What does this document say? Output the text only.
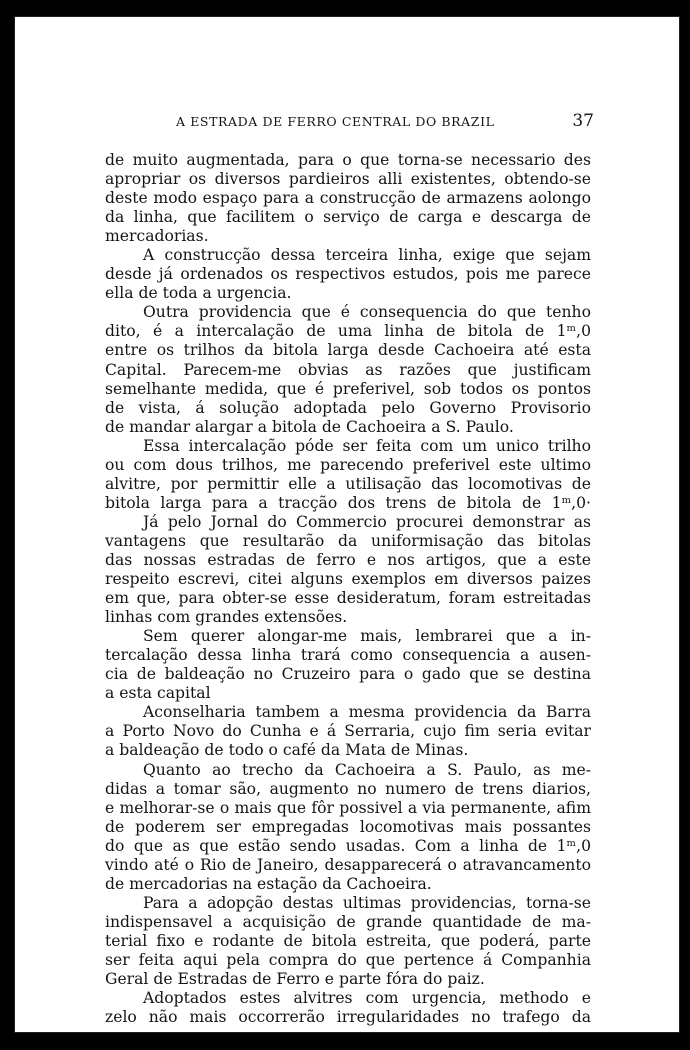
A ESTRADA DE FERRO CENTRAL DO BRAZIL	37
de muito augmentada, para o que torna-se necessario des
apropriar os diversos pardieiros alli existentes, obtendo-se
deste modo espaço para a construcção de armazens aolongo
da linha, que facilitem o serviço de carga e descarga de
mercadorias.
A construcção dessa terceira linha, exige que sejam
desde já ordenados os respectivos estudos, pois me parece
ella de toda a urgencia.
Outra providencia que é consequencia do que tenho
dito, é a intercalação de uma linha de bitola de 1ᵐ,0
entre os trilhos da bitola larga desde Cachoeira até esta
Capital. Parecem-me obvias as razões que justificam
semelhante medida, que é preferivel, sob todos os pontos
de vista, á solução adoptada pelo Governo Provisorio
de mandar alargar a bitola de Cachoeira a S. Paulo.
Essa intercalação póde ser feita com um unico trilho
ou com dous trilhos, me parecendo preferivel este ultimo
alvitre, por permittir elle a utilisação das locomotivas de
bitola larga para a tracção dos trens de bitola de 1ᵐ,0·
Já pelo Jornal do Commercio procurei demonstrar as
vantagens que resultarão da uniformisação das bitolas
das nossas estradas de ferro e nos artigos, que a este
respeito escrevi, citei alguns exemplos em diversos paizes
em que, para obter-se esse desideratum, foram estreitadas
linhas com grandes extensões.
Sem querer alongar-me mais, lembrarei que a in-
tercalação dessa linha trará como consequencia a ausen-
cia de baldeação no Cruzeiro para o gado que se destina
a esta capital
Aconselharia tambem a mesma providencia da Barra
a Porto Novo do Cunha e á Serraria, cujo fim seria evitar
a baldeação de todo o café da Mata de Minas.
Quanto ao trecho da Cachoeira a S. Paulo, as me-
didas a tomar são, augmento no numero de trens diarios,
e melhorar-se o mais que fôr possivel a via permanente, afim
de poderem ser empregadas locomotivas mais possantes
do que as que estão sendo usadas. Com a linha de 1ᵐ,0
vindo até o Rio de Janeiro, desapparecerá o atravancamento
de mercadorias na estação da Cachoeira.
Para a adopção destas ultimas providencias, torna-se
indispensavel a acquisição de grande quantidade de ma-
terial fixo e rodante de bitola estreita, que poderá, parte
ser feita aqui pela compra do que pertence á Companhia
Geral de Estradas de Ferro e parte fóra do paiz.
Adoptados estes alvitres com urgencia, methodo e
zelo não mais occorrerão irregularidades no trafego da
